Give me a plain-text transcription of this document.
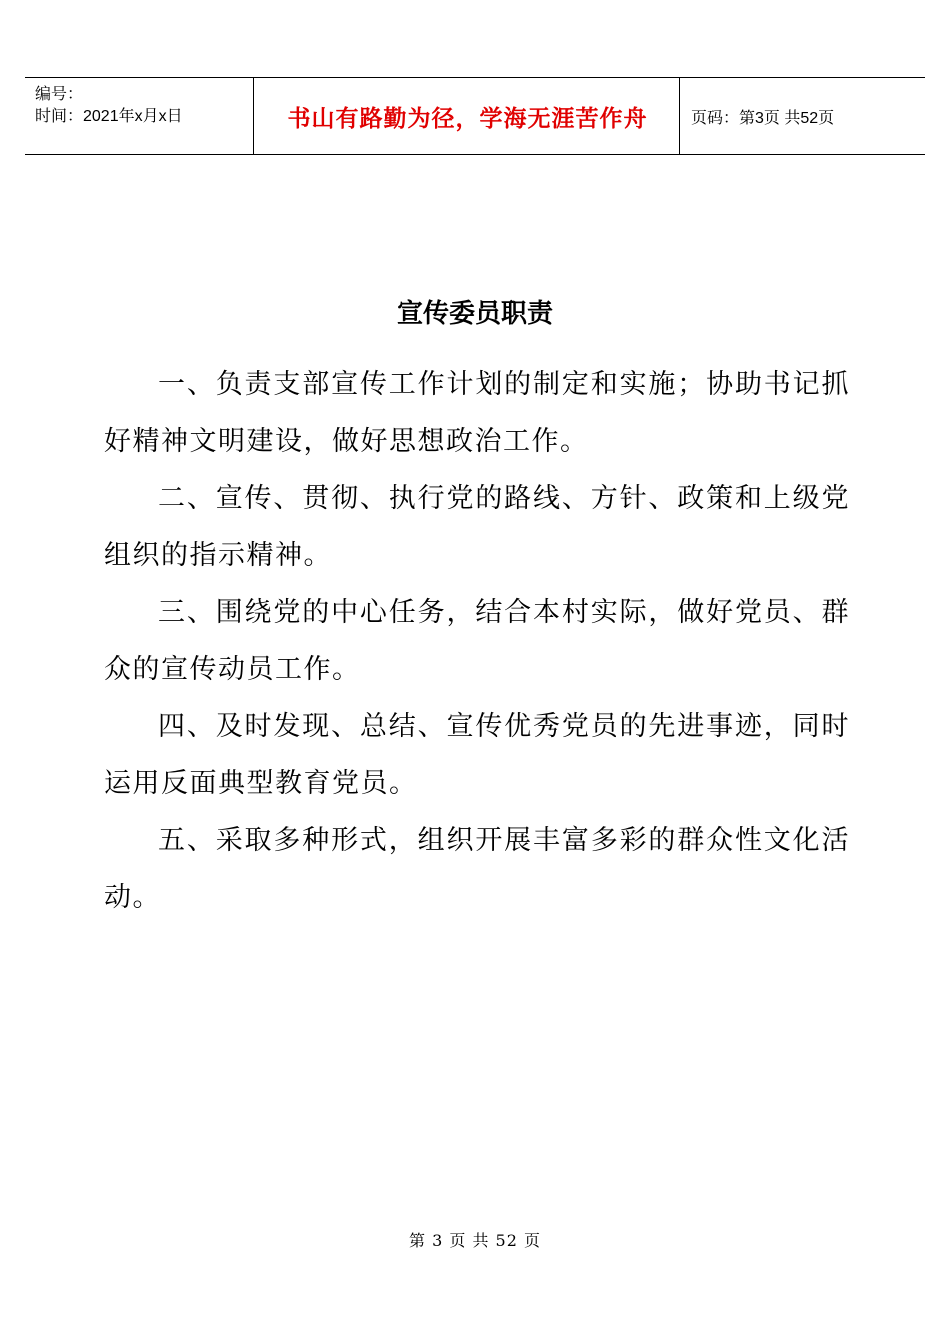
编号：
时间：2021年x月x日	书山有路勤为径，学海无涯苦作舟	页码：第3页 共52页
宣传委员职责

一、负责支部宣传工作计划的制定和实施；协助书记抓好精神文明建设，做好思想政治工作。

二、宣传、贯彻、执行党的路线、方针、政策和上级党组织的指示精神。

三、围绕党的中心任务，结合本村实际，做好党员、群众的宣传动员工作。

四、及时发现、总结、宣传优秀党员的先进事迹，同时运用反面典型教育党员。

五、采取多种形式，组织开展丰富多彩的群众性文化活动。

第 3 页 共 52 页
